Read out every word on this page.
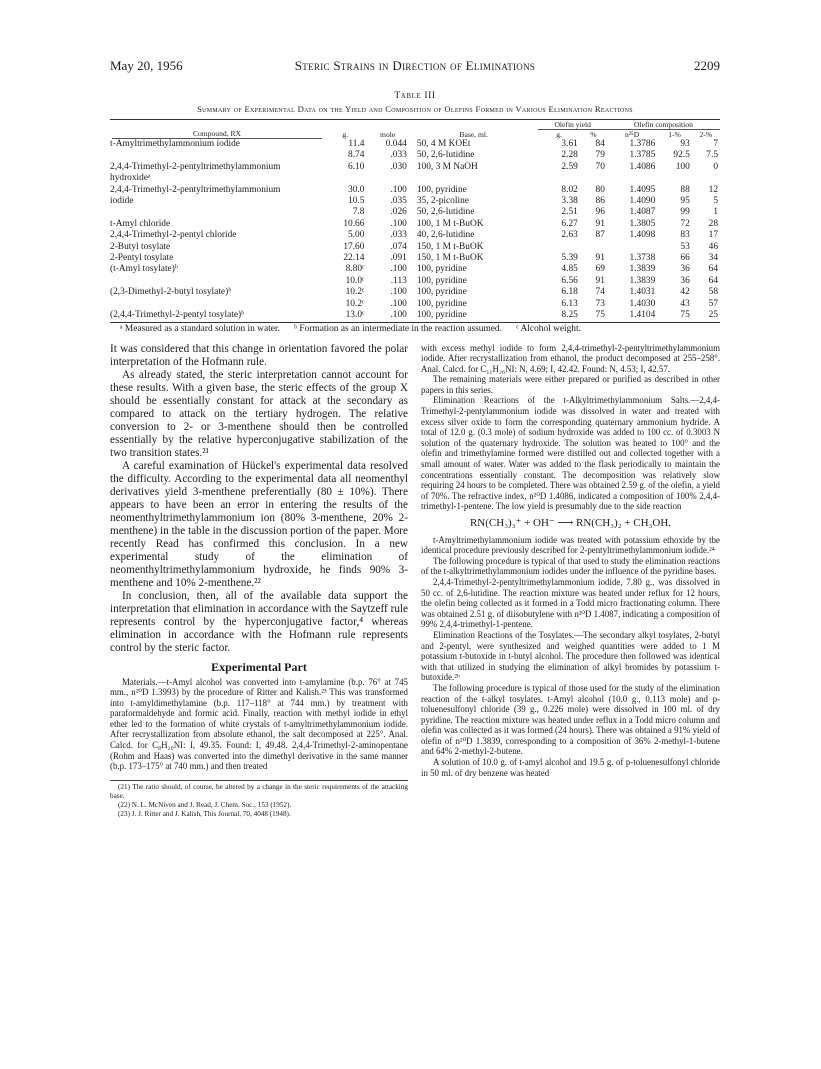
May 20, 1956	Steric Strains in Direction of Eliminations	2209
Table III
Summary of Experimental Data on the Yield and Composition of Olefins Formed in Various Elimination Reactions
Compound, RX	g.	mole	Base, ml.	Olefin yield		Olefin composition		
				g.	%	n²⁵D	1-%	2-%
t-Amyltrimethylammonium iodide	11.4	0.044	50, 4 M KOEt	3.61	84	1.3786	93	7
	8.74	.033	50, 2,6-lutidine	2.28	79	1.3785	92.5	7.5
2,4,4-Trimethyl-2-pentyltrimethylammonium hydroxideᵃ	6.10	.030	100, 3 M NaOH	2.59	70	1.4086	100	0
2,4,4-Trimethyl-2-pentyltrimethylammonium	30.0	.100	100, pyridine	8.02	80	1.4095	88	12
iodide	10.5	.035	35, 2-picoline	3.38	86	1.4090	95	5
	7.8	.026	50, 2,6-lutidine	2.51	96	1.4087	99	1
t-Amyl chloride	10.66	.100	100, 1 M t-BuOK	6.27	91	1.3805	72	28
2,4,4-Trimethyl-2-pentyl chloride	5.00	.033	40, 2,6-lutidine	2.63	87	1.4098	83	17
2-Butyl tosylate	17.60	.074	150, 1 M t-BuOK				53	46
2-Pentyl tosylate	22.14	.091	150, 1 M t-BuOK	5.39	91	1.3738	66	34
(t-Amyl tosylate)ᵇ	8.80ᶜ	.100	100, pyridine	4.85	69	1.3839	36	64
	10.0ᶜ	.113	100, pyridine	6.56	91	1.3839	36	64
(2,3-Dimethyl-2-butyl tosylate)ᵇ	10.2ᶜ	.100	100, pyridine	6.18	74	1.4031	42	58
	10.2ᶜ	.100	100, pyridine	6.13	73	1.4030	43	57
(2,4,4-Trimethyl-2-pentyl tosylate)ᵇ	13.0ᶜ	.100	100, pyridine	8.25	75	1.4104	75	25
ᵃ Measured as a standard solution in water. ᵇ Formation as an intermediate in the reaction assumed. ᶜ Alcohol weight.

It was considered that this change in orientation favored the polar interpretation of the Hofmann rule.

As already stated, the steric interpretation cannot account for these results. With a given base, the steric effects of the group X should be essentially constant for attack at the secondary as compared to attack on the tertiary hydrogen. The relative conversion to 2- or 3-menthene should then be controlled essentially by the relative hyperconjugative stabilization of the two transition states.²¹

A careful examination of Hückel's experimental data resolved the difficulty. According to the experimental data all neomenthyl derivatives yield 3-menthene preferentially (80 ± 10%). There appears to have been an error in entering the results of the neomenthyltrimethylammonium ion (80% 3-menthene, 20% 2-menthene) in the table in the discussion portion of the paper. More recently Read has confirmed this conclusion. In a new experimental study of the elimination of neomenthyltrimethylammonium hydroxide, he finds 90% 3-menthene and 10% 2-menthene.²²

In conclusion, then, all of the available data support the interpretation that elimination in accordance with the Saytzeff rule represents control by the hyperconjugative factor,⁴ whereas elimination in accordance with the Hofmann rule represents control by the steric factor.

Experimental Part

Materials.—t-Amyl alcohol was converted into t-amylamine (b.p. 76° at 745 mm., n²⁰D 1.3993) by the procedure of Ritter and Kalish.²³ This was transformed into t-amyldimethylamine (b.p. 117–118° at 744 mm.) by treatment with paraformaldehyde and formic acid. Finally, reaction with methyl iodide in ethyl ether led to the formation of white crystals of t-amyltrimethylammonium iodide. After recrystallization from absolute ethanol, the salt decomposed at 225°. Anal. Calcd. for C₈H₂₀NI: I, 49.35. Found: I, 49.48. 2,4,4-Trimethyl-2-aminopentane (Rohm and Haas) was converted into the dimethyl derivative in the same manner (b.p. 173–175° at 740 mm.) and then treated

(21) The ratio should, of course, be altered by a change in the steric requirements of the attacking base.

(22) N. L. McNiven and J. Read, J. Chem. Soc., 153 (1952).

(23) J. J. Ritter and J. Kalish, This Journal, 70, 4048 (1948).

with excess methyl iodide to form 2,4,4-trimethyl-2-pentyltrimethylammonium iodide. After recrystallization from ethanol, the product decomposed at 255–258°. Anal. Calcd. for C₁₁H₂₆NI: N, 4.69; I, 42.42. Found: N, 4.53; I, 42.57.

The remaining materials were either prepared or purified as described in other papers in this series.

Elimination Reactions of the t-Alkyltrimethylammonium Salts.—2,4,4-Trimethyl-2-pentylammonium iodide was dissolved in water and treated with excess silver oxide to form the corresponding quaternary ammonium hydride. A total of 12.0 g. (0.3 mole) of sodium hydroxide was added to 100 cc. of 0.3003 N solution of the quaternary hydroxide. The solution was heated to 100° and the olefin and trimethylamine formed were distilled out and collected together with a small amount of water. Water was added to the flask periodically to maintain the concentrations essentially constant. The decomposition was relatively slow requiring 24 hours to be completed. There was obtained 2.59 g. of the olefin, a yield of 70%. The refractive index, n²⁰D 1.4086, indicated a composition of 100% 2,4,4-trimethyl-1-pentene. The low yield is presumably due to the side reaction

RN(CH₃)₃⁺ + OH⁻ ⟶ RN(CH₃)₂ + CH₃OH.

t-Amyltrimethylammonium iodide was treated with potassium ethoxide by the identical procedure previously described for 2-pentyltrimethylammonium iodide.²⁴

The following procedure is typical of that used to study the elimination reactions of the t-alkyltrimethylammonium iodides under the influence of the pyridine bases.

2,4,4-Trimethyl-2-pentyltrimethylammonium iodide, 7.80 g., was dissolved in 50 cc. of 2,6-lutidine. The reaction mixture was heated under reflux for 12 hours, the olefin being collected as it formed in a Todd micro fractionating column. There was obtained 2.51 g. of diisobutylene with n²⁰D 1.4087, indicating a composition of 99% 2,4,4-trimethyl-1-pentene.

Elimination Reactions of the Tosylates.—The secondary alkyl tosylates, 2-butyl and 2-pentyl, were synthesized and weighed quantities were added to 1 M potassium t-butoxide in t-butyl alcohol. The procedure then followed was identical with that utilized in studying the elimination of alkyl bromides by potassium t-butoxide.²ᵇ

The following procedure is typical of those used for the study of the elimination reaction of the t-alkyl tosylates. t-Amyl alcohol (10.0 g., 0.113 mole) and p-toluenesulfonyl chloride (39 g., 0.226 mole) were dissolved in 100 ml. of dry pyridine. The reaction mixture was heated under reflux in a Todd micro column and olefin was collected as it was formed (24 hours). There was obtained a 91% yield of olefin of n²⁰D 1.3839, corresponding to a composition of 36% 2-methyl-1-butene and 64% 2-methyl-2-butene.

A solution of 10.0 g. of t-amyl alcohol and 19.5 g. of p-toluenesulfonyl chloride in 50 ml. of dry benzene was heated
